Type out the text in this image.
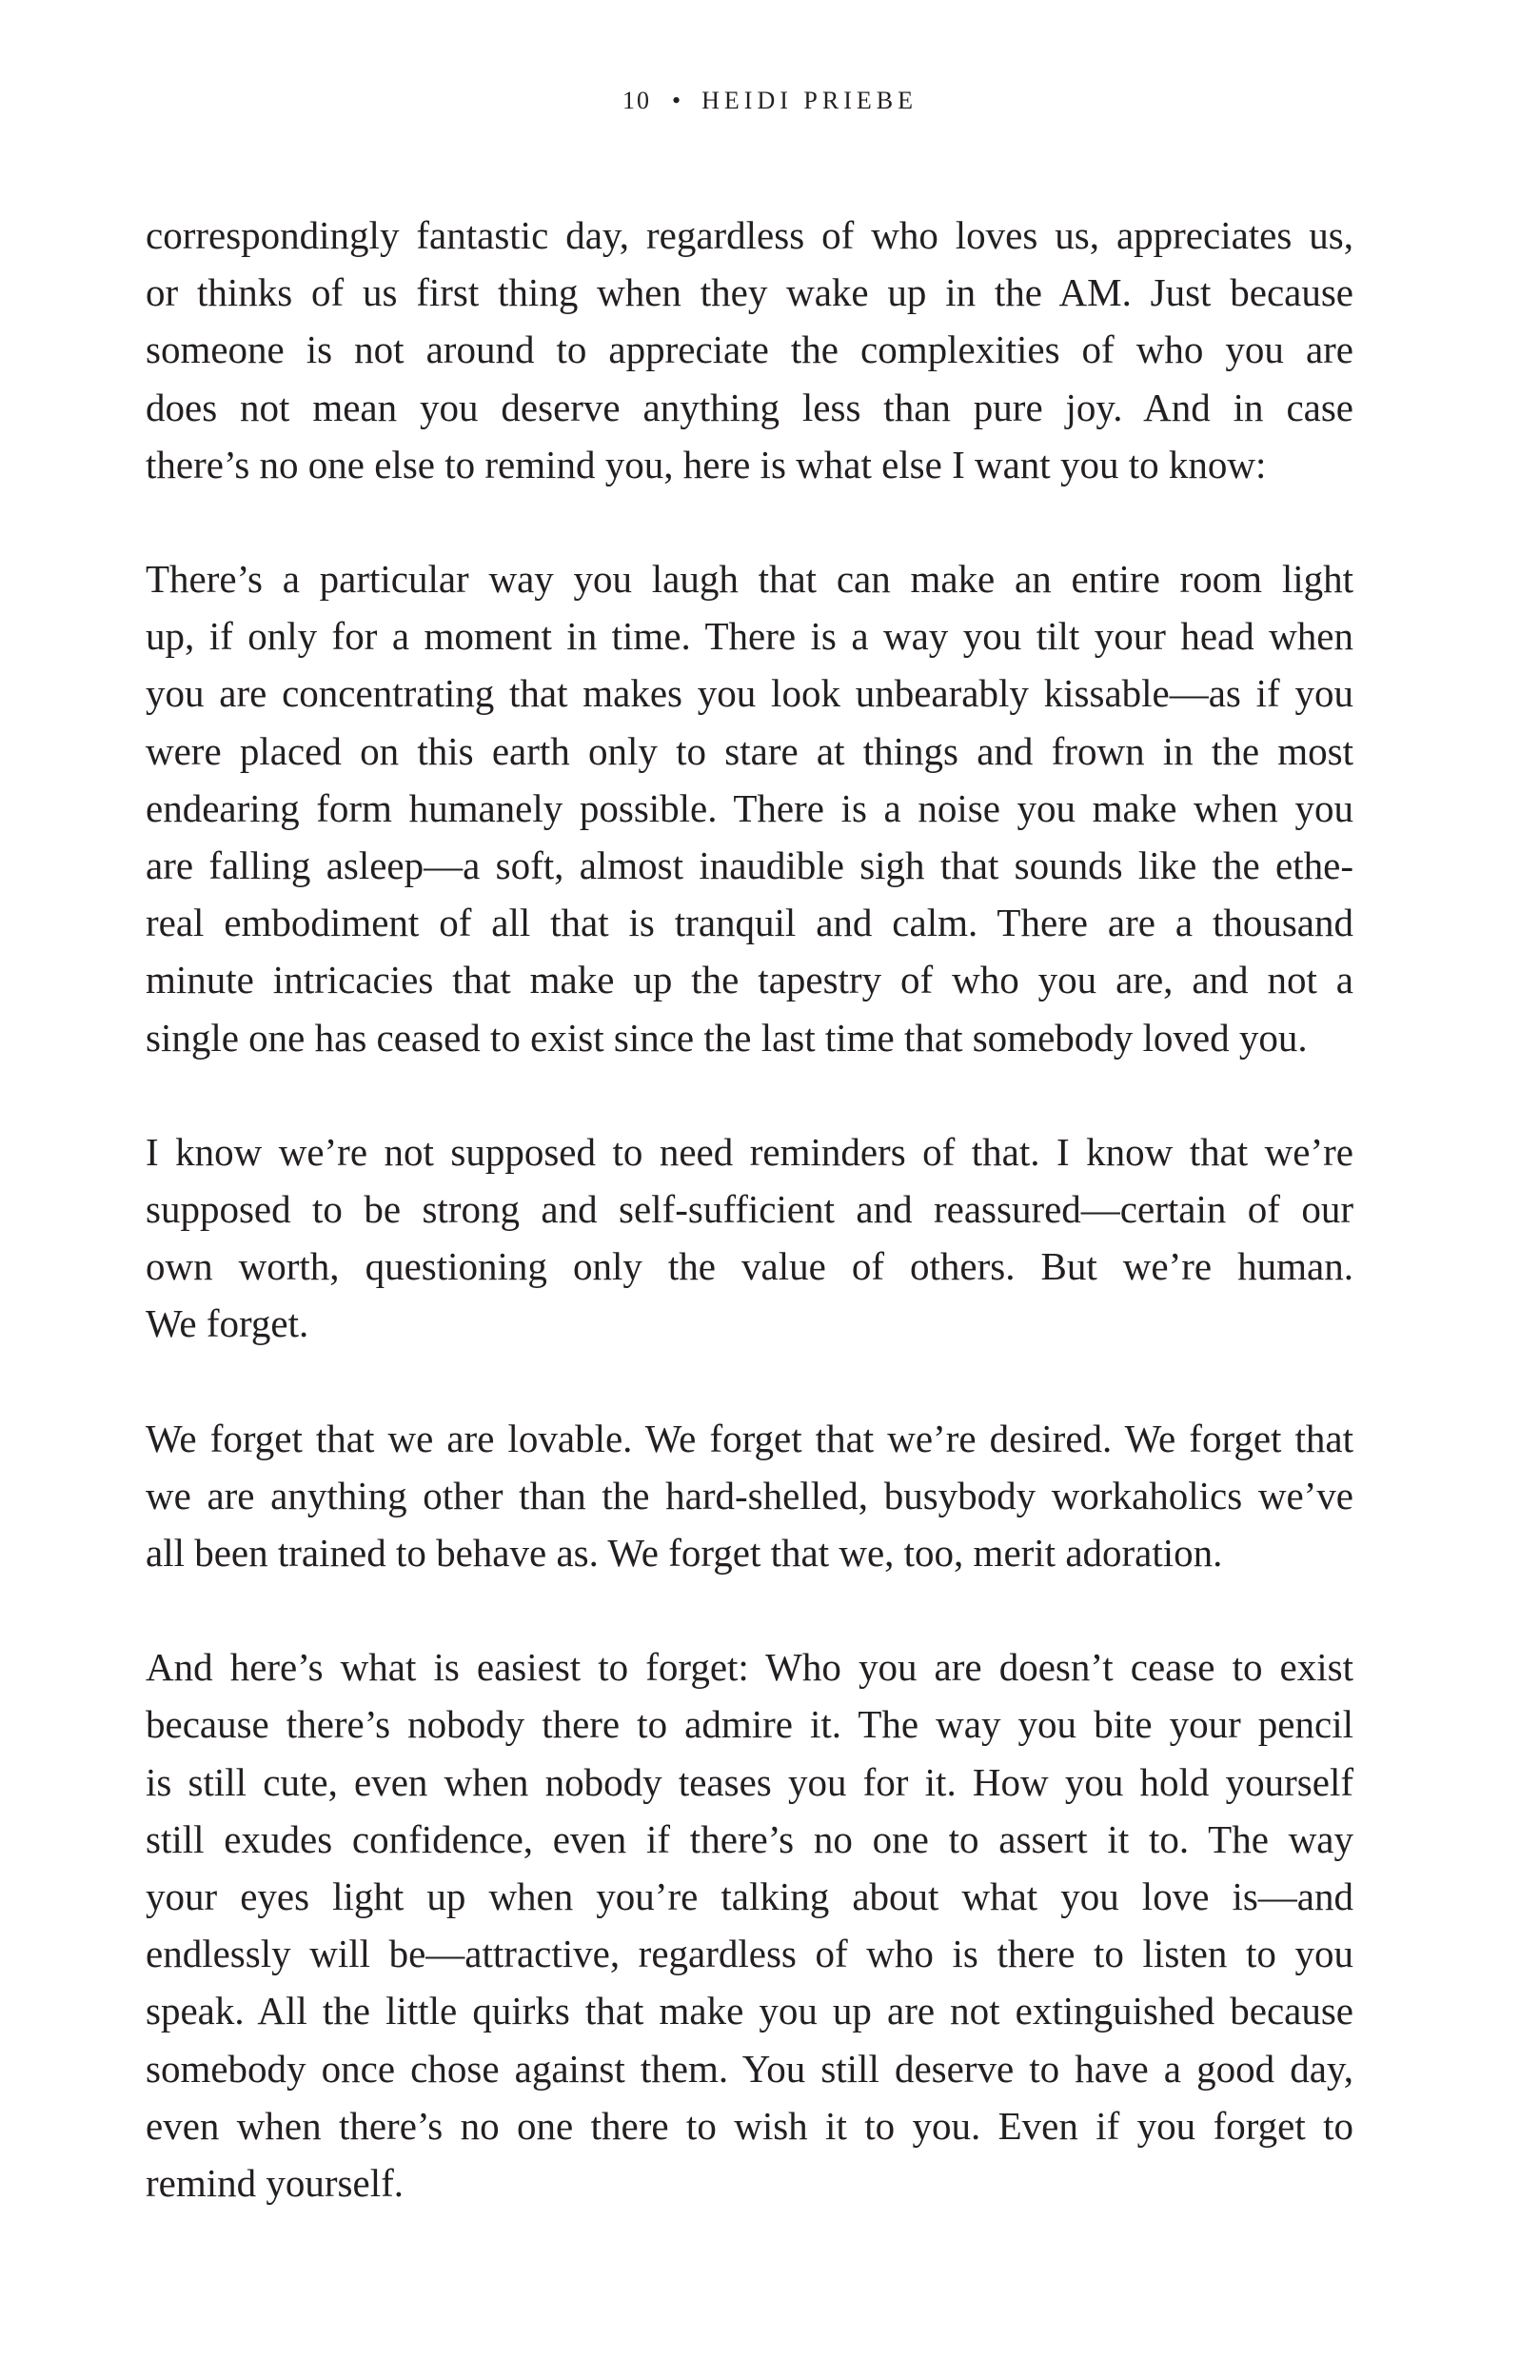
10 • HEIDI PRIEBE

correspondingly fantastic day, regardless of who loves us, appreciates us,
or thinks of us first thing when they wake up in the AM. Just because
someone is not around to appreciate the complexities of who you are
does not mean you deserve anything less than pure joy. And in case
there’s no one else to remind you, here is what else I want you to know:

There’s a particular way you laugh that can make an entire room light
up, if only for a moment in time. There is a way you tilt your head when
you are concentrating that makes you look unbearably kissable—as if you
were placed on this earth only to stare at things and frown in the most
endearing form humanely possible. There is a noise you make when you
are falling asleep—a soft, almost inaudible sigh that sounds like the ethe-
real embodiment of all that is tranquil and calm. There are a thousand
minute intricacies that make up the tapestry of who you are, and not a
single one has ceased to exist since the last time that somebody loved you.

I know we’re not supposed to need reminders of that. I know that we’re
supposed to be strong and self-sufficient and reassured—certain of our
own worth, questioning only the value of others. But we’re human.
We forget.

We forget that we are lovable. We forget that we’re desired. We forget that
we are anything other than the hard-shelled, busybody workaholics we’ve
all been trained to behave as. We forget that we, too, merit adoration.

And here’s what is easiest to forget: Who you are doesn’t cease to exist
because there’s nobody there to admire it. The way you bite your pencil
is still cute, even when nobody teases you for it. How you hold yourself
still exudes confidence, even if there’s no one to assert it to. The way
your eyes light up when you’re talking about what you love is—and
endlessly will be—attractive, regardless of who is there to listen to you
speak. All the little quirks that make you up are not extinguished because
somebody once chose against them. You still deserve to have a good day,
even when there’s no one there to wish it to you. Even if you forget to
remind yourself.
